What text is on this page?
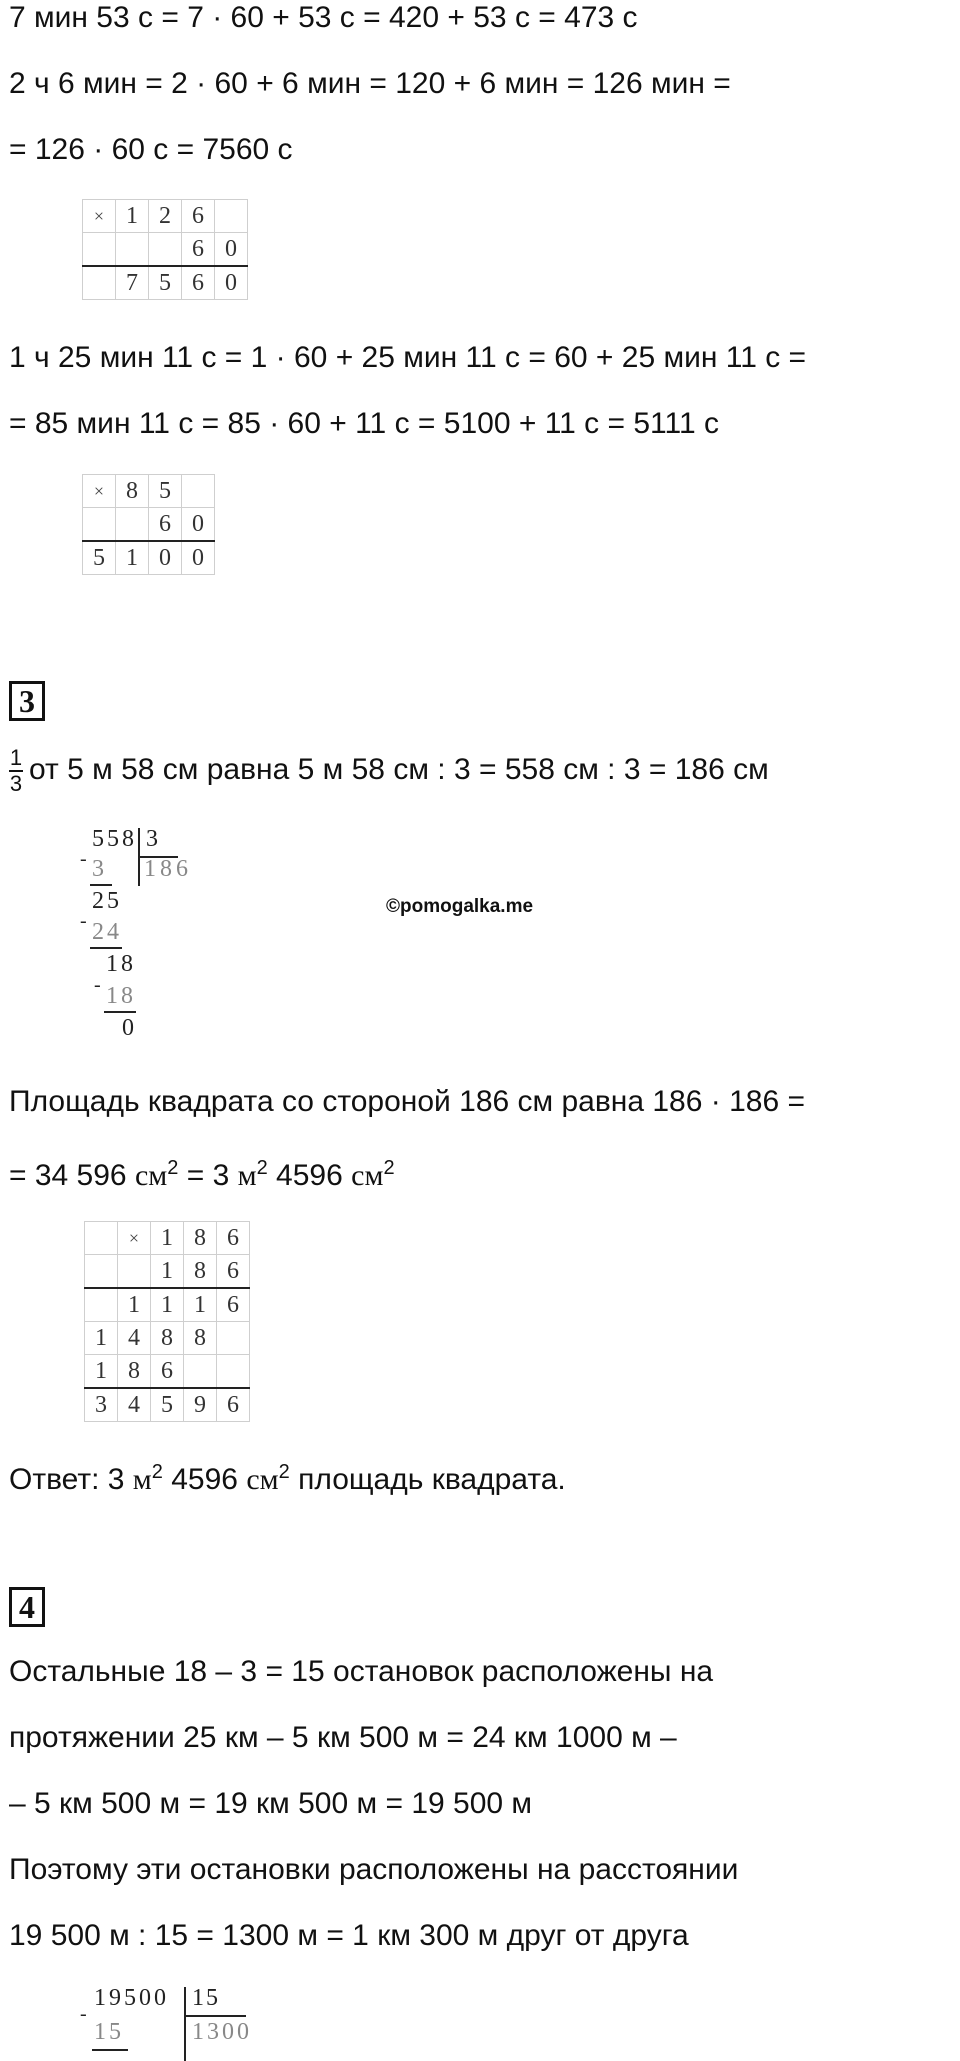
7 мин 53 с = 7 · 60 + 53 с = 420 + 53 с = 473 с
2 ч 6 мин = 2 · 60 + 6 мин = 120 + 6 мин = 126 мин =
= 126 · 60 с = 7560 с
×	1	2	6	
			6	0
	7	5	6	0
1 ч 25 мин 11 с = 1 · 60 + 25 мин 11 с = 60 + 25 мин 11 с =
= 85 мин 11 с = 85 · 60 + 11 с = 5100 + 11 с = 5111 с
×	8	5	
		6	0
5	1	0	0
3
$\frac{1}{3}$ от 5 м 58 см равна 5 м 58 см : 3 = 558 см : 3 = 186 см
-
558 3
186
3
25
- 24
18
- 18
0
©pomogalka.me
Площадь квадрата со стороной 186 см равна 186 · 186 =
= 34 596 $см^2 = 3$ $м^2$ 4596 $см^2$
	×	1	8	6
		1	8	6
	1	1	1	6
1	4	8	8	
1	8	6		
3	4	5	9	6
Ответ: 3 $м^2$ 4596 $см^2$ площадь квадрата.
4
Остальные 18 – 3 = 15 остановок расположены на
протяжении 25 км – 5 км 500 м = 24 км 1000 м –
– 5 км 500 м = 19 км 500 м = 19 500 м
Поэтому эти остановки расположены на расстоянии
19 500 м : 15 = 1300 м = 1 км 300 м друг от друга
-
19500 15
1300
15
